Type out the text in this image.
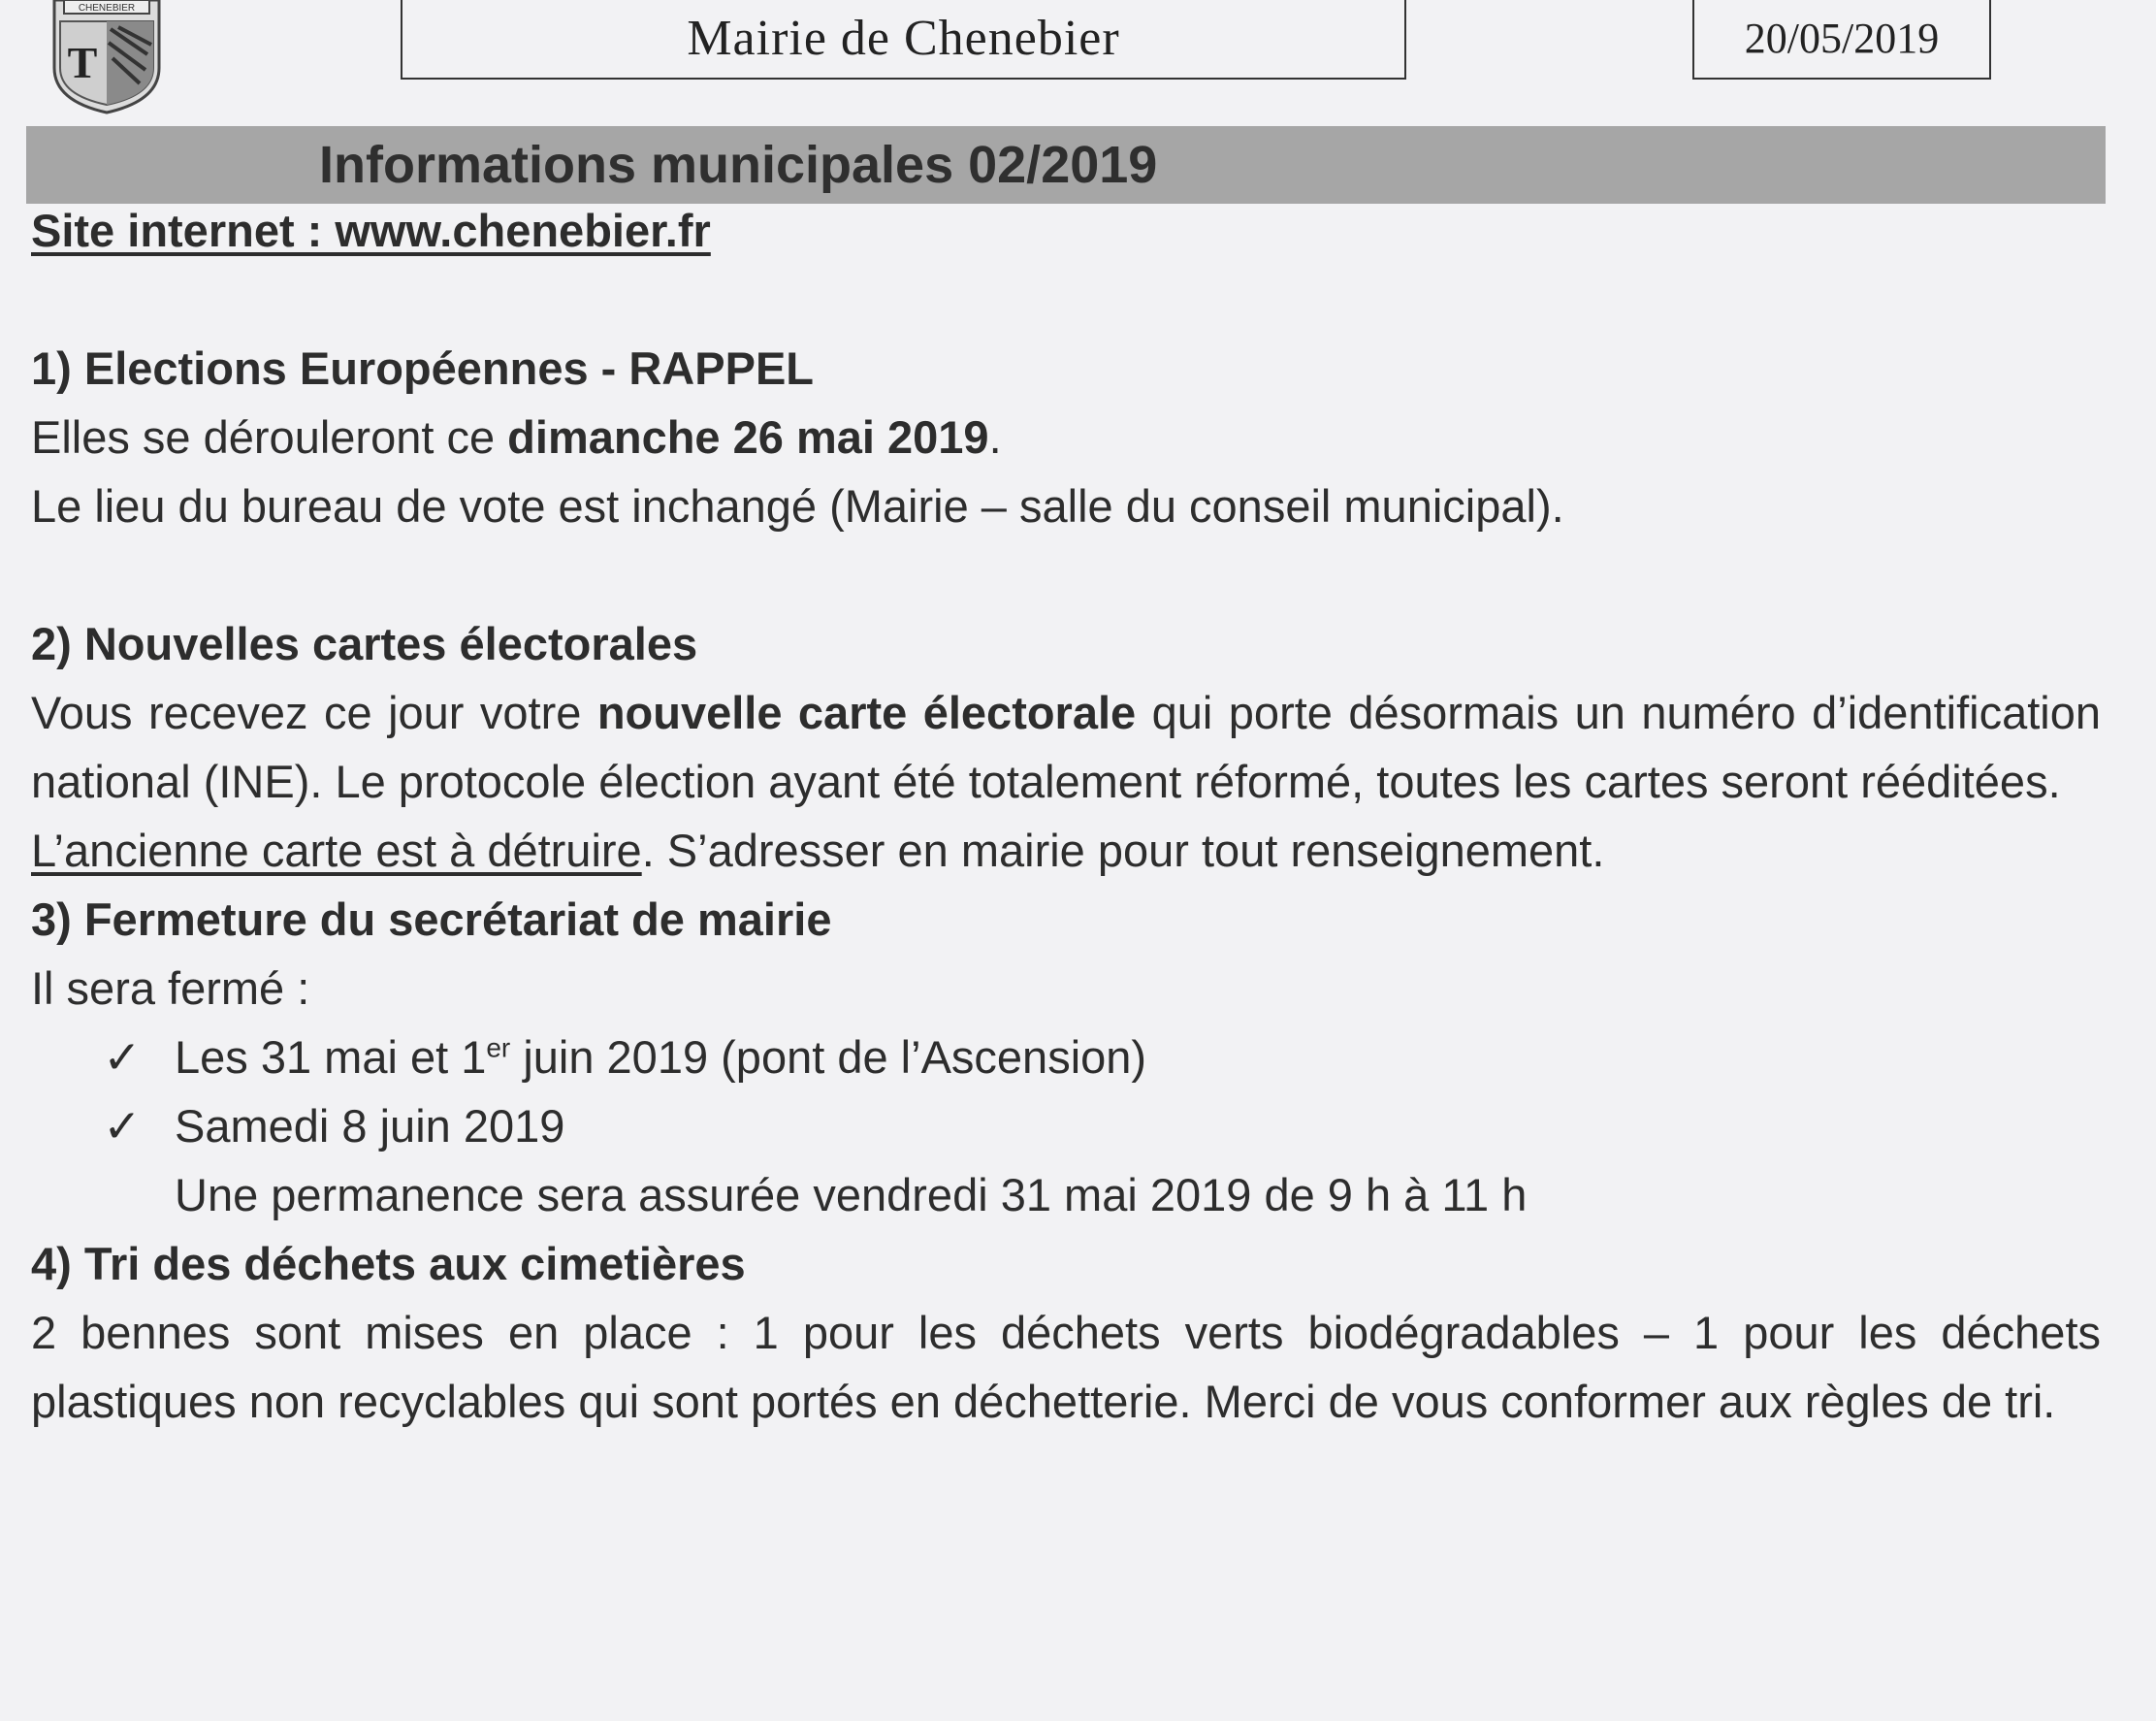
CHENEBIER
T	Mairie de Chenebier	20/05/2019
Informations municipales 02/2019

Site internet : www.chenebier.fr

1) Elections Européennes - RAPPEL

Elles se dérouleront ce dimanche 26 mai 2019.

Le lieu du bureau de vote est inchangé (Mairie – salle du conseil municipal).

2) Nouvelles cartes électorales

Vous recevez ce jour votre nouvelle carte électorale qui porte désormais un numéro d’identification national (INE). Le protocole élection ayant été totalement réformé, toutes les cartes seront rééditées.

L’ancienne carte est à détruire. S’adresser en mairie pour tout renseignement.

3) Fermeture du secrétariat de mairie

Il sera fermé :

✓ Les 31 mai et 1er juin 2019 (pont de l’Ascension)

✓ Samedi 8 juin 2019

Une permanence sera assurée vendredi 31 mai 2019 de 9 h à 11 h

4) Tri des déchets aux cimetières

2 bennes sont mises en place : 1 pour les déchets verts biodégradables – 1 pour les déchets plastiques non recyclables qui sont portés en déchetterie. Merci de vous conformer aux règles de tri.
